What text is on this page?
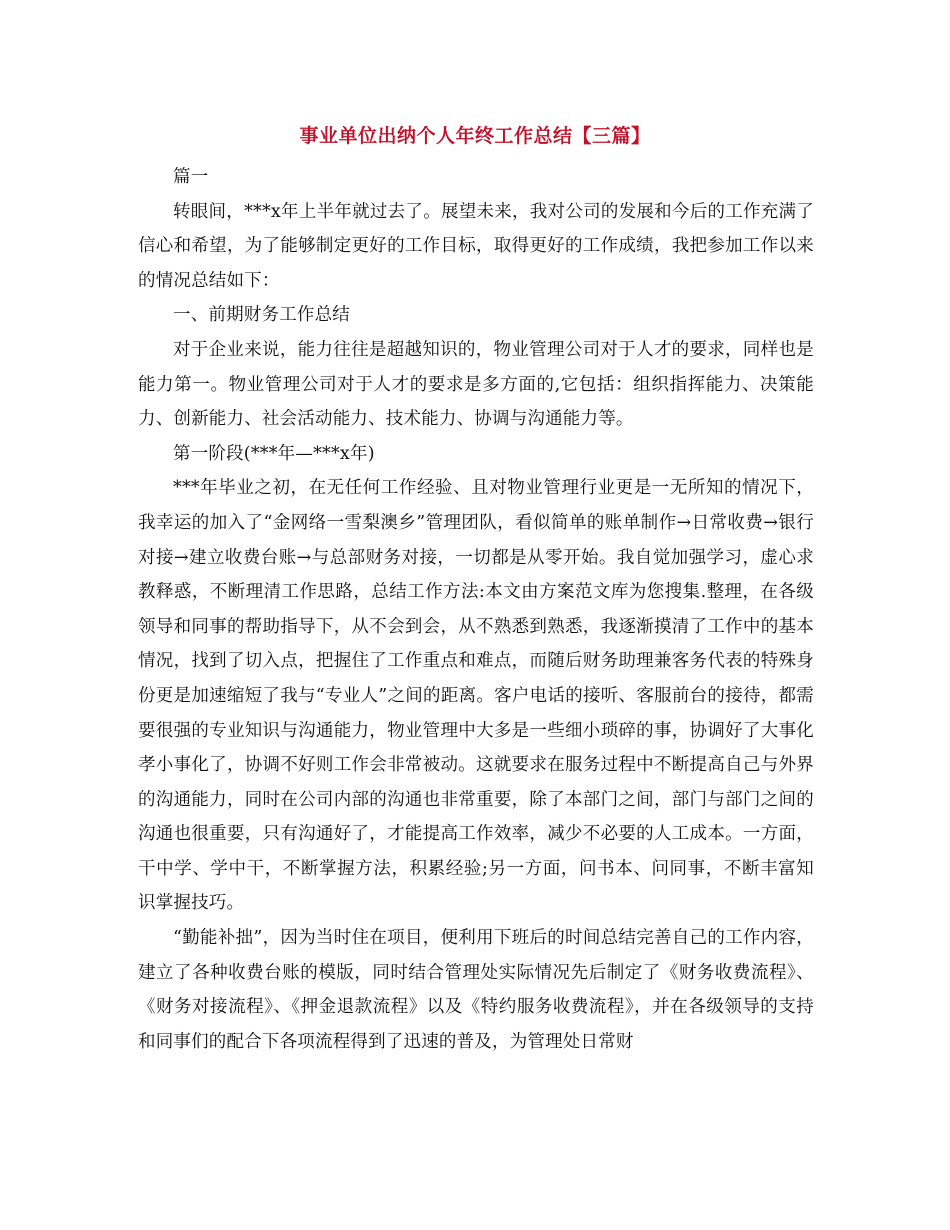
事业单位出纳个人年终工作总结【三篇】

篇一

转眼间，***x年上半年就过去了。展望未来，我对公司的发展和今后的工作充满了信心和希望，为了能够制定更好的工作目标，取得更好的工作成绩，我把参加工作以来的情况总结如下：

一、前期财务工作总结

对于企业来说，能力往往是超越知识的，物业管理公司对于人才的要求，同样也是能力第一。物业管理公司对于人才的要求是多方面的,它包括：组织指挥能力、决策能力、创新能力、社会活动能力、技术能力、协调与沟通能力等。

第一阶段(***年—***x年)

***年毕业之初，在无任何工作经验、且对物业管理行业更是一无所知的情况下，我幸运的加入了“金网络一雪梨澳乡”管理团队，看似简单的账单制作→日常收费→银行对接→建立收费台账→与总部财务对接，一切都是从零开始。我自觉加强学习，虚心求教释惑，不断理清工作思路，总结工作方法:本文由方案范文库为您搜集.整理，在各级领导和同事的帮助指导下，从不会到会，从不熟悉到熟悉，我逐渐摸清了工作中的基本情况，找到了切入点，把握住了工作重点和难点，而随后财务助理兼客务代表的特殊身份更是加速缩短了我与“专业人”之间的距离。客户电话的接听、客服前台的接待，都需要很强的专业知识与沟通能力，物业管理中大多是一些细小琐碎的事，协调好了大事化孝小事化了，协调不好则工作会非常被动。这就要求在服务过程中不断提高自己与外界的沟通能力，同时在公司内部的沟通也非常重要，除了本部门之间，部门与部门之间的沟通也很重要，只有沟通好了，才能提高工作效率，减少不必要的人工成本。一方面，干中学、学中干，不断掌握方法，积累经验;另一方面，问书本、问同事，不断丰富知识掌握技巧。

“勤能补拙”，因为当时住在项目，便利用下班后的时间总结完善自己的工作内容，建立了各种收费台账的模版，同时结合管理处实际情况先后制定了《财务收费流程》、《财务对接流程》、《押金退款流程》以及《特约服务收费流程》，并在各级领导的支持和同事们的配合下各项流程得到了迅速的普及，为管理处日常财
